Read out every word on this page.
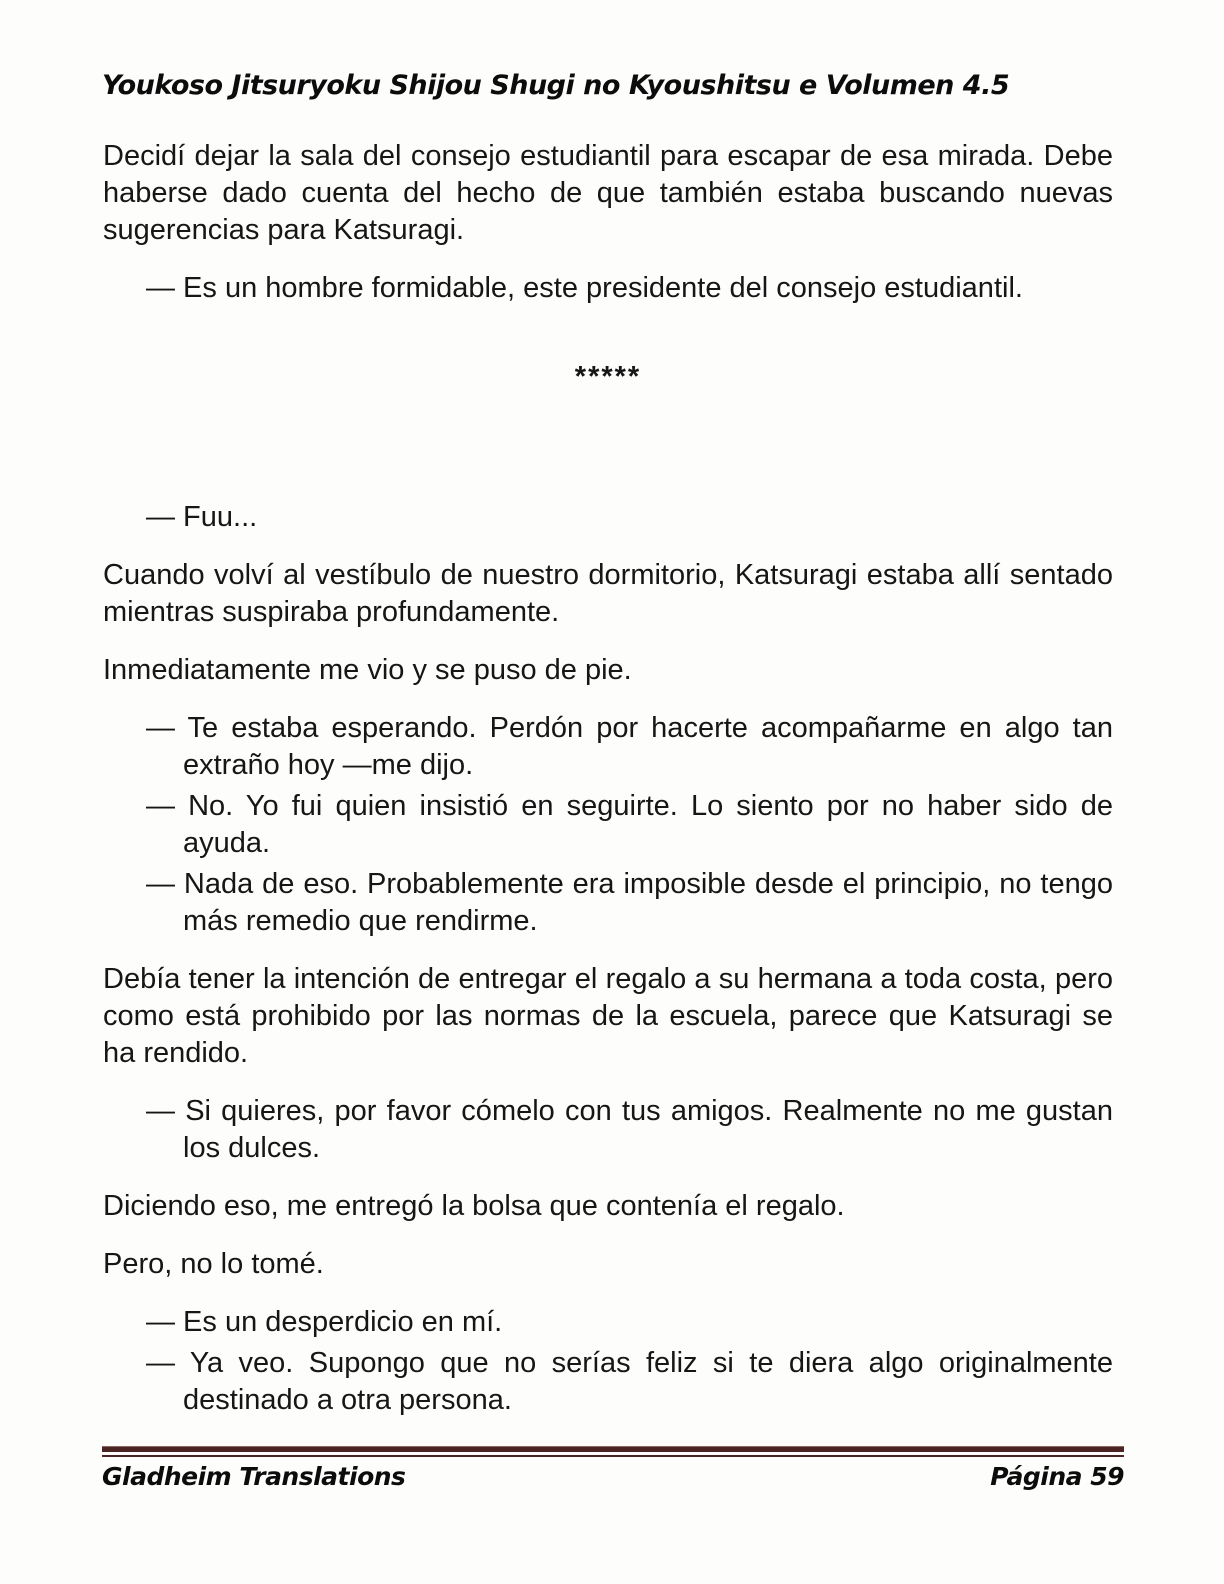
Youkoso Jitsuryoku Shijou Shugi no Kyoushitsu e Volumen 4.5

Decidí dejar la sala del consejo estudiantil para escapar de esa mirada. Debe haberse dado cuenta del hecho de que también estaba buscando nuevas sugerencias para Katsuragi.

— Es un hombre formidable, este presidente del consejo estudiantil.

*****

— Fuu...

Cuando volví al vestíbulo de nuestro dormitorio, Katsuragi estaba allí sentado mientras suspiraba profundamente.

Inmediatamente me vio y se puso de pie.

— Te estaba esperando. Perdón por hacerte acompañarme en algo tan extraño hoy —me dijo.

— No. Yo fui quien insistió en seguirte. Lo siento por no haber sido de ayuda.

— Nada de eso. Probablemente era imposible desde el principio, no tengo más remedio que rendirme.

Debía tener la intención de entregar el regalo a su hermana a toda costa, pero como está prohibido por las normas de la escuela, parece que Katsuragi se ha rendido.

— Si quieres, por favor cómelo con tus amigos. Realmente no me gustan los dulces.

Diciendo eso, me entregó la bolsa que contenía el regalo.

Pero, no lo tomé.

— Es un desperdicio en mí.

— Ya veo. Supongo que no serías feliz si te diera algo originalmente destinado a otra persona.

Gladheim Translations	Página 59
